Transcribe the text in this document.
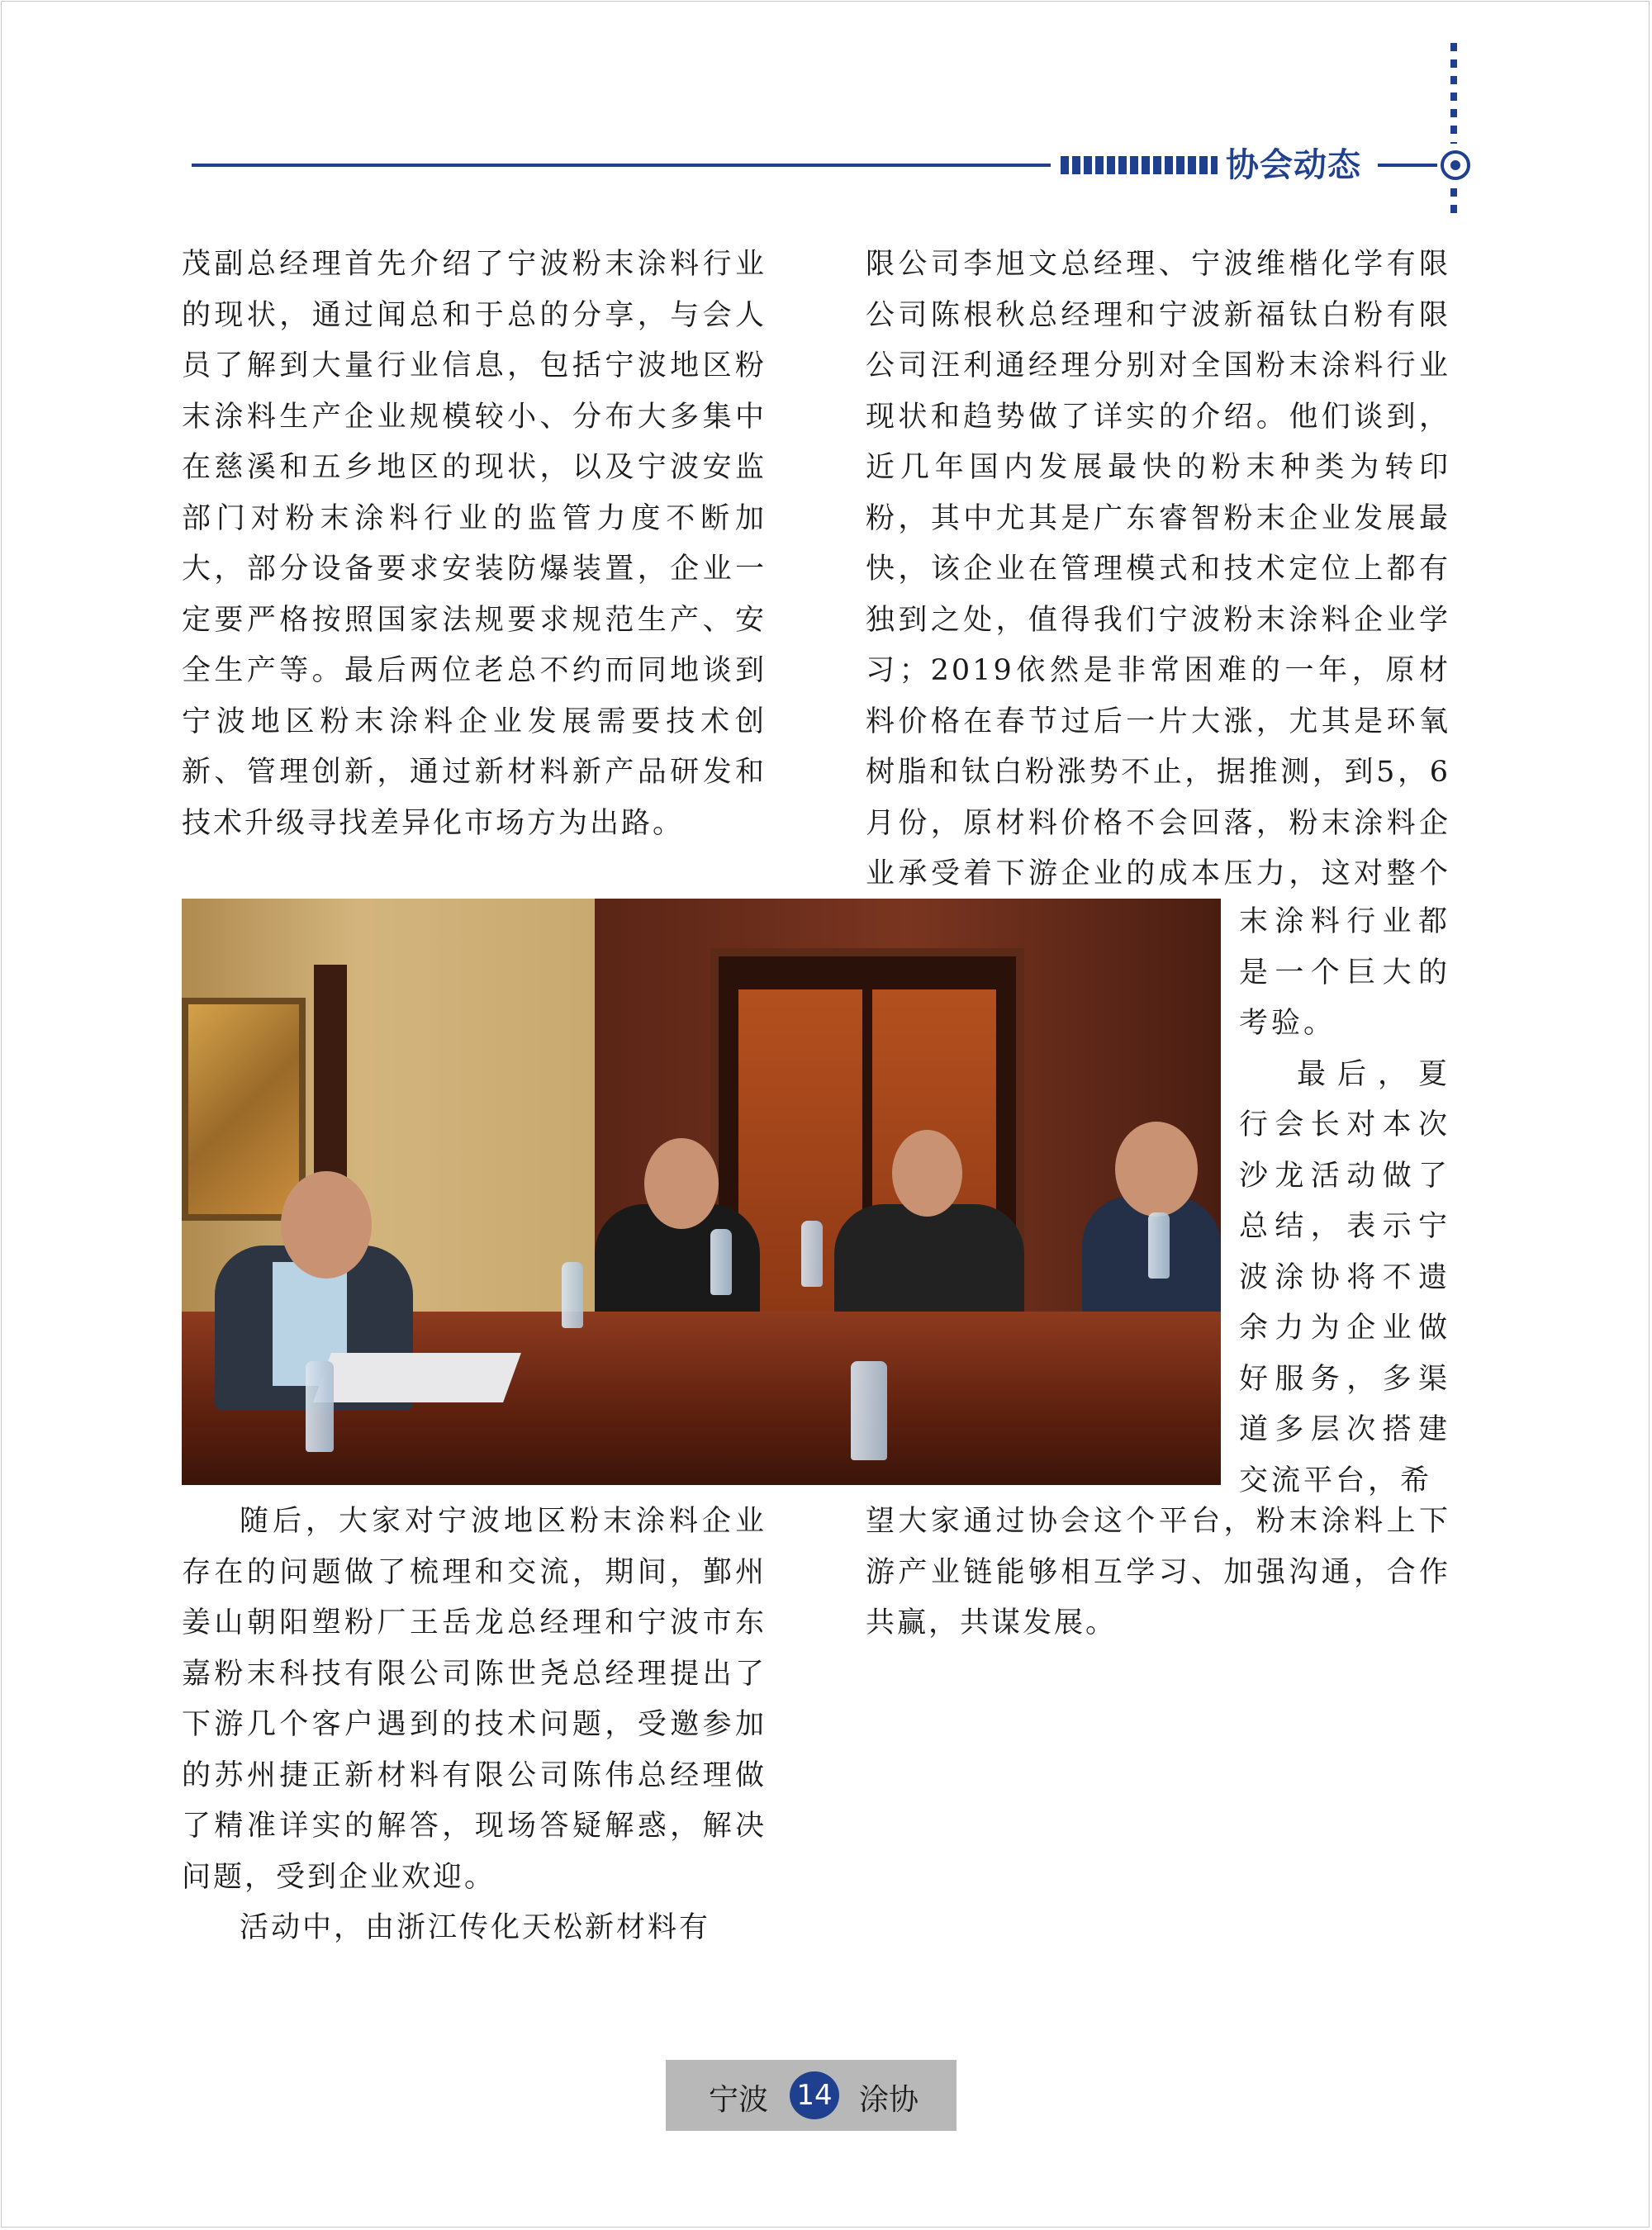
协会动态

茂副总经理首先介绍了宁波粉末涂料行业的现状，通过闻总和于总的分享，与会人员了解到大量行业信息，包括宁波地区粉末涂料生产企业规模较小、分布大多集中在慈溪和五乡地区的现状，以及宁波安监部门对粉末涂料行业的监管力度不断加大，部分设备要求安装防爆装置，企业一定要严格按照国家法规要求规范生产、安全生产等。最后两位老总不约而同地谈到宁波地区粉末涂料企业发展需要技术创新、管理创新，通过新材料新产品研发和技术升级寻找差异化市场方为出路。

限公司李旭文总经理、宁波维楷化学有限公司陈根秋总经理和宁波新福钛白粉有限公司汪利通经理分别对全国粉末涂料行业现状和趋势做了详实的介绍。他们谈到，近几年国内发展最快的粉末种类为转印粉，其中尤其是广东睿智粉末企业发展最快，该企业在管理模式和技术定位上都有独到之处，值得我们宁波粉末涂料企业学习；2019依然是非常困难的一年，原材料价格在春节过后一片大涨，尤其是环氧树脂和钛白粉涨势不止，据推测，到5，6月份，原材料价格不会回落，粉末涂料企业承受着下游企业的成本压力，这对整个

末涂料行业都是一个巨大的考验。

最后，夏行会长对本次沙龙活动做了总结，表示宁波涂协将不遗余力为企业做好服务，多渠道多层次搭建交流平台，希

望大家通过协会这个平台，粉末涂料上下游产业链能够相互学习、加强沟通，合作共赢，共谋发展。

随后，大家对宁波地区粉末涂料企业存在的问题做了梳理和交流，期间，鄞州姜山朝阳塑粉厂王岳龙总经理和宁波市东嘉粉末科技有限公司陈世尧总经理提出了下游几个客户遇到的技术问题，受邀参加的苏州捷正新材料有限公司陈伟总经理做了精准详实的解答，现场答疑解惑，解决问题，受到企业欢迎。

活动中，由浙江传化天松新材料有

宁波 14 涂协
